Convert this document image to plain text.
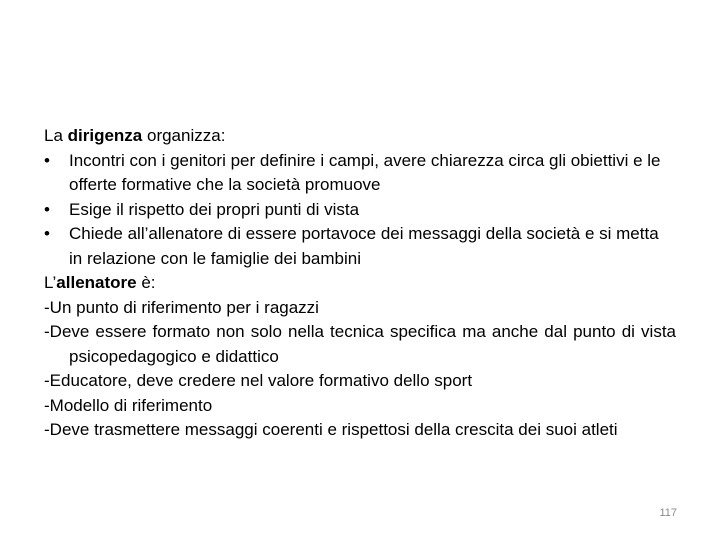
La dirigenza organizza:

• Incontri con i genitori per definire i campi, avere chiarezza circa gli obiettivi e le offerte formative che la società promuove
• Esige il rispetto dei propri punti di vista
• Chiede all’allenatore di essere portavoce dei messaggi della società e si metta in relazione con le famiglie dei bambini

L’allenatore è:

-Un punto di riferimento per i ragazzi

-Deve essere formato non solo nella tecnica specifica ma anche dal punto di vista psicopedagogico e didattico

-Educatore, deve credere nel valore formativo dello sport

-Modello di riferimento

-Deve trasmettere messaggi coerenti e rispettosi della crescita dei suoi atleti

117
